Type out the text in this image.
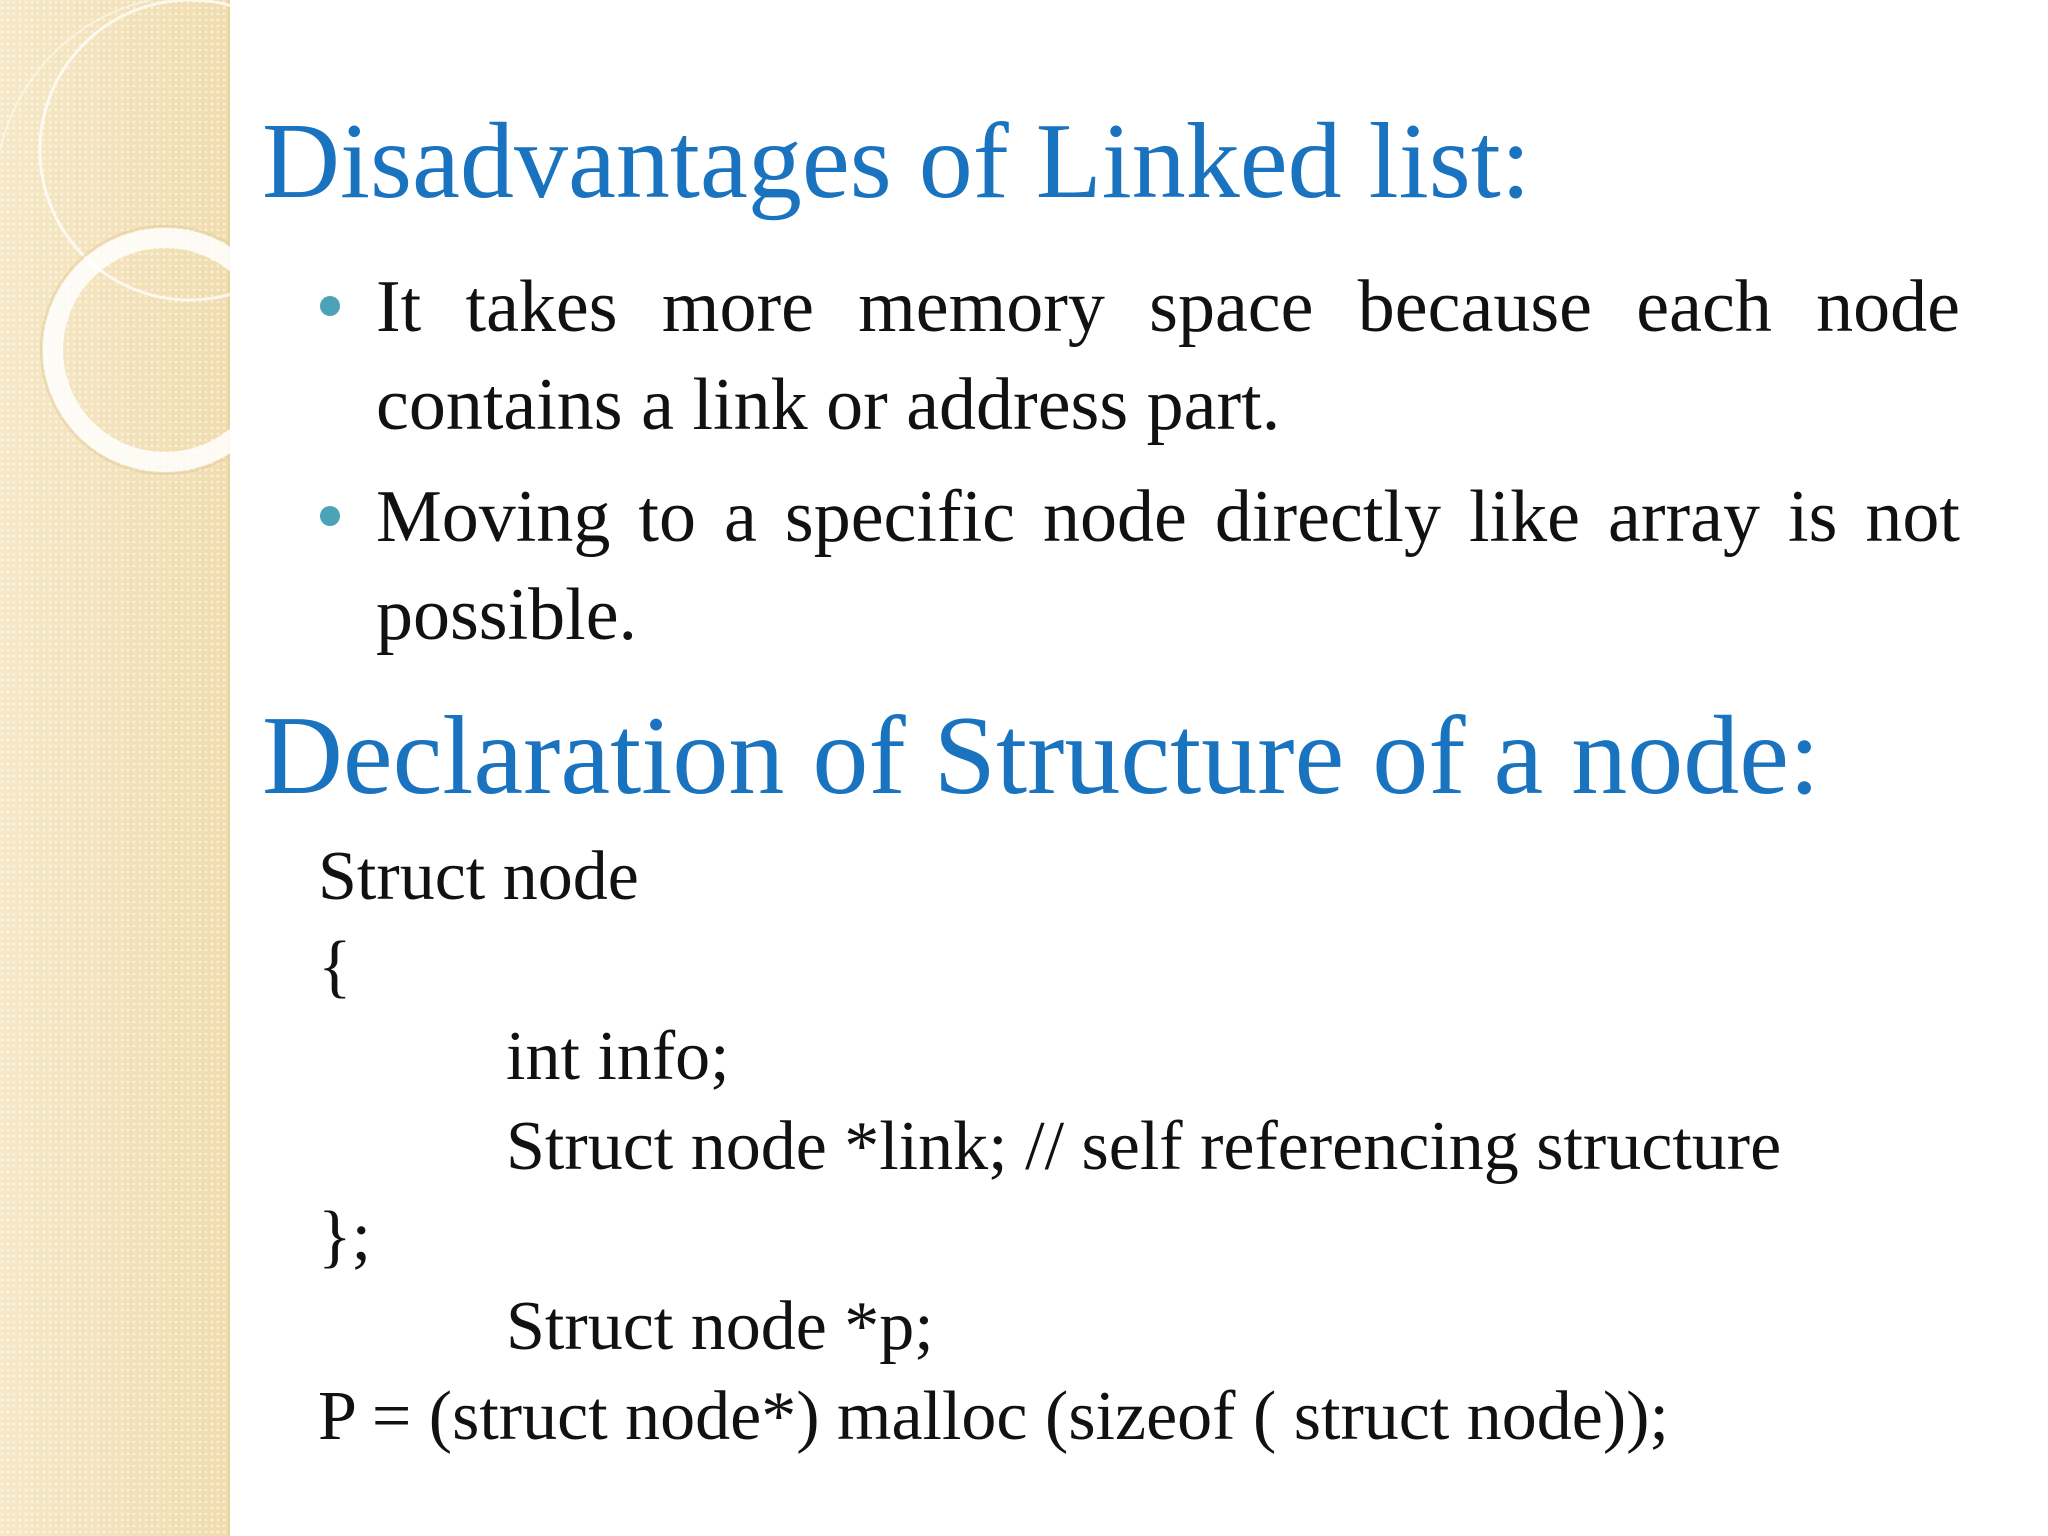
Disadvantages of Linked list:
It takes more memory space because each node contains a link or address part.
Moving to a specific node directly like array is not possible.
Declaration of Structure of a node:
Struct node
{
int info;
Struct node *link; // self referencing structure
};
Struct node *p;
P = (struct node*) malloc (sizeof ( struct node));
